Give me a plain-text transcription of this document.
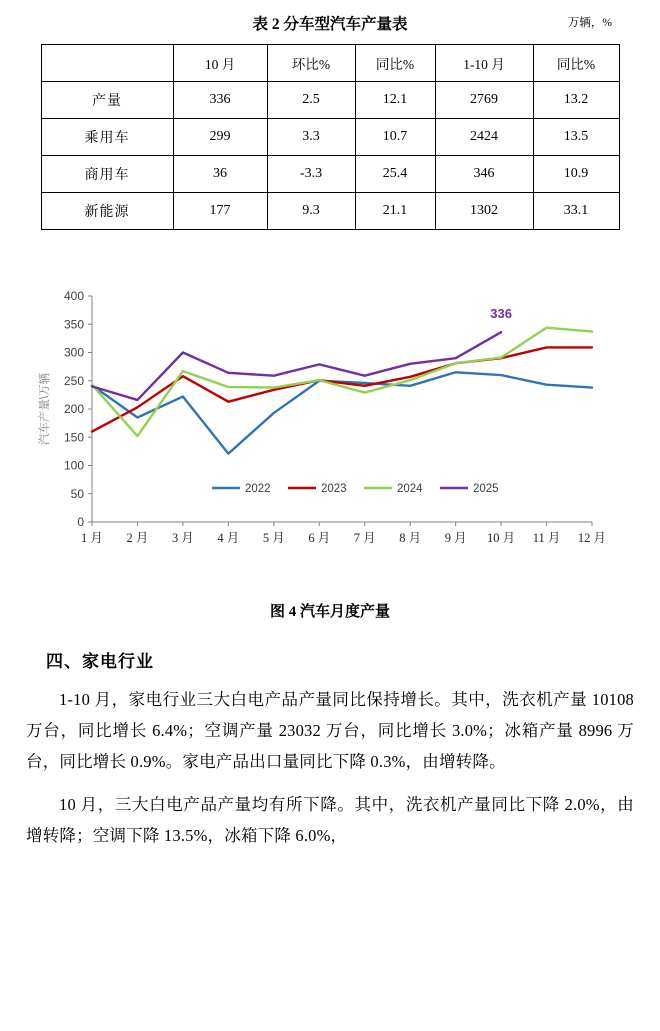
表 2 分车型汽车产量表	万辆，%
	10 月	环比%	同比%	1-10 月	同比%
产量	336	2.5	12.1	2769	13.2
乘用车	299	3.3	10.7	2424	13.5
商用车	36	-3.3	25.4	346	10.9
新能源	177	9.3	21.1	1302	33.1
0
50
100
150
200
250
300
350
400
汽车产量\万辆
1 月 2 月 3 月 4 月 5 月 6 月 7 月 8 月 9 月 10 月 11 月 12 月
336
2022	2023	2024	2025
图 4 汽车月度产量
四、家电行业

1-10 月，家电行业三大白电产品产量同比保持增长。其中，洗衣机产量 10108 万台，同比增长 6.4%；空调产量 23032 万台，同比增长 3.0%；冰箱产量 8996 万台，同比增长 0.9%。家电产品出口量同比下降 0.3%，由增转降。

10 月，三大白电产品产量均有所下降。其中，洗衣机产量同比下降 2.0%，由增转降；空调下降 13.5%，冰箱下降 6.0%，
